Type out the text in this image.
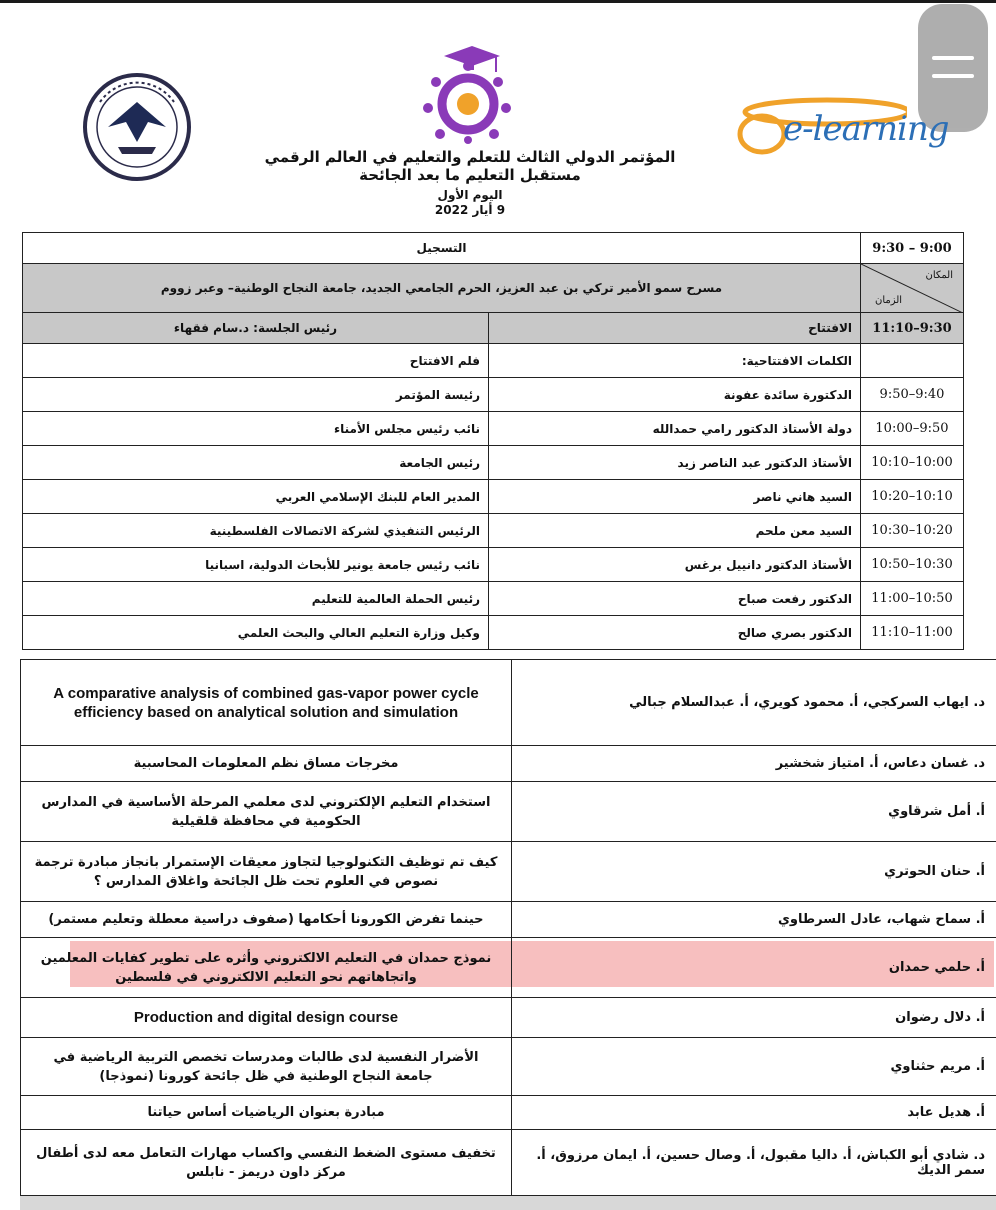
e-learning
المؤتمر الدولي الثالث للتعلم والتعليم في العالم الرقمي
مستقبل التعليم ما بعد الجائحة
اليوم الأول
9 أيار 2022
9:00 – 9:30	التسجيل	

المكان
الزمان	مسرح سمو الأمير تركي بن عبد العزيز، الحرم الجامعي الجديد، جامعة النجاح الوطنية– وعبر زووم	
9:30–11:10	الافتتاح	رئيس الجلسة: د.سام فقهاء
	الكلمات الافتتاحية:	فلم الافتتاح
9:40–9:50	الدكتورة سائدة عفونة	رئيسة المؤتمر
9:50–10:00	دولة الأستاذ الدكتور رامي حمدالله	نائب رئيس مجلس الأمناء
10:00–10:10	الأستاذ الدكتور عبد الناصر زيد	رئيس الجامعة
10:10–10:20	السيد هاني ناصر	المدير العام للبنك الإسلامي العربي
10:20–10:30	السيد معن ملحم	الرئيس التنفيذي لشركة الاتصالات الفلسطينية
10:30–10:50	الأستاذ الدكتور دانييل برغس	نائب رئيس جامعة يونير للأبحاث الدولية، اسبانيا
10:50–11:00	الدكتور رفعت صباح	رئيس الحملة العالمية للتعليم
11:00–11:10	الدكتور بصري صالح	وكيل وزارة التعليم العالي والبحث العلمي
د. ايهاب السركجي، أ. محمود كويري، أ. عبدالسلام جبالي	A comparative analysis of combined gas-vapor power cycle efficiency based on analytical solution and simulation
د. غسان دعاس، أ. امتياز شخشير	مخرجات مساق نظم المعلومات المحاسبية
أ. أمل شرقاوي	استخدام التعليم الإلكتروني لدى معلمي المرحلة الأساسية في المدارس الحكومية في محافظة قلقيلية
أ. حنان الحوتري	كيف تم توظيف التكنولوجيا لتجاوز معيقات الإستمرار بانجاز مبادرة ترجمة نصوص في العلوم تحت ظل الجائحة واغلاق المدارس ؟
أ. سماح شهاب، عادل السرطاوي	حينما تفرض الكورونا أحكامها (صفوف دراسية معطلة وتعليم مستمر)
أ. حلمي حمدان	نموذج حمدان في التعليم الالكتروني وأثره على تطوير كفايات المعلمين واتجاهاتهم نحو التعليم الالكتروني في فلسطين
أ. دلال رضوان	Production and digital design course
أ. مريم حثناوي	الأضرار النفسية لدى طالبات ومدرسات تخصص التربية الرياضية في جامعة النجاح الوطنية في ظل جائحة كورونا (نموذجا)
أ. هديل عابد	مبادرة بعنوان الرياضيات أساس حياتنا
د. شادي أبو الكباش، أ. داليا مقبول، أ. وصال حسين، أ. ايمان مرزوق، أ. سمر الديك	تخفيف مستوى الضغط النفسي واكساب مهارات التعامل معه لدى أطفال مركز داون دريمز - نابلس
